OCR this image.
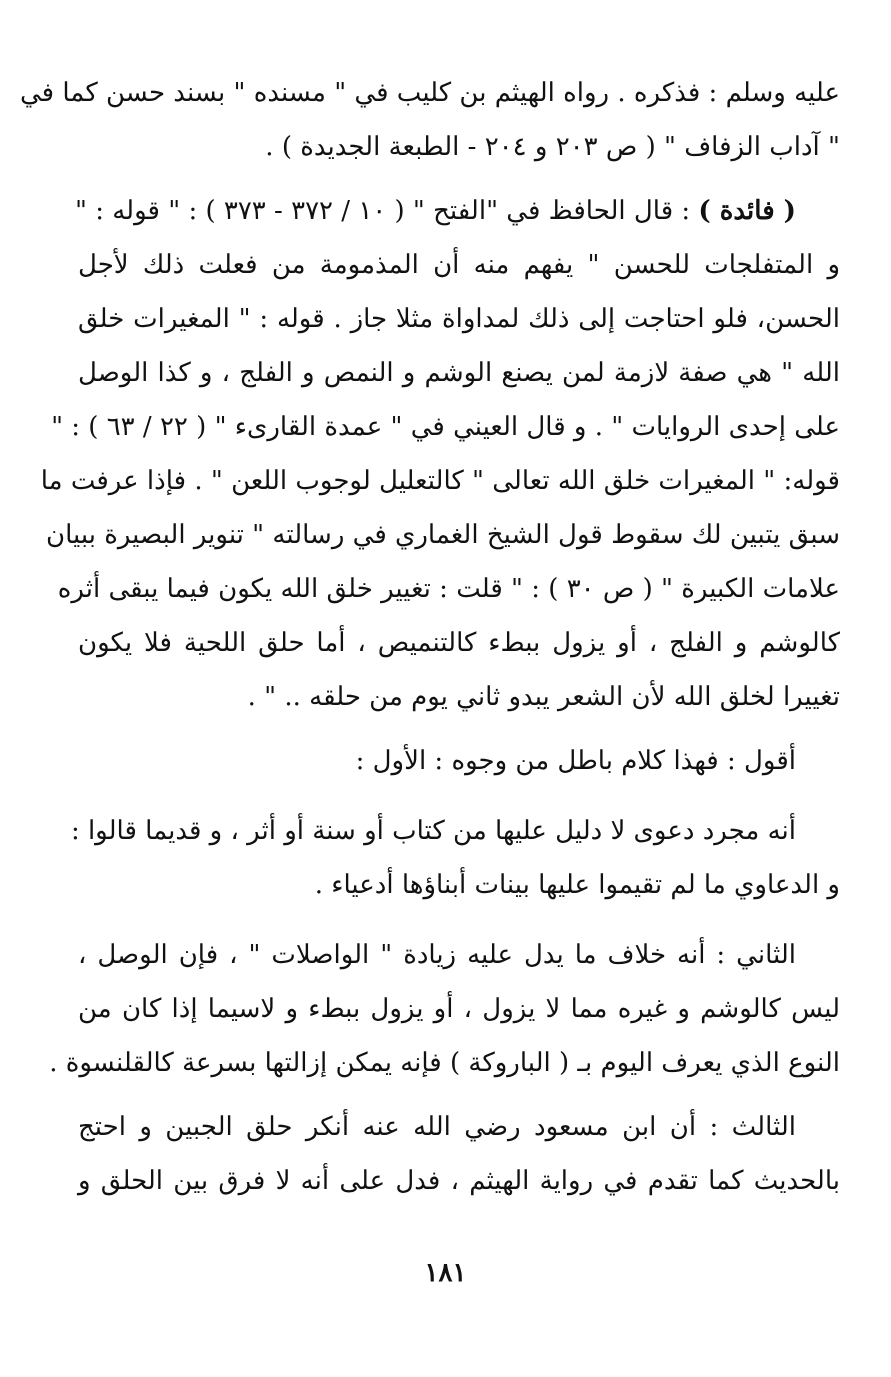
عليه وسلم : فذكره . رواه الهيثم بن كليب في " مسنده " بسند حسن كما في
" آداب الزفاف " ( ص ٢٠٣ و ٢٠٤ - الطبعة الجديدة ) .

( فائدة ) : قال الحافظ في "الفتح " ( ١٠ / ٣٧٢ - ٣٧٣ ) : " قوله : "
و المتفلجات للحسن " يفهم منه أن المذمومة من فعلت ذلك لأجل
الحسن، فلو احتاجت إلى ذلك لمداواة مثلا جاز . قوله : " المغيرات خلق
الله " هي صفة لازمة لمن يصنع الوشم و النمص و الفلج ، و كذا الوصل
على إحدى الروايات " . و قال العيني في " عمدة القارىء " ( ٢٢ / ٦٣ ) : "
قوله: " المغيرات خلق الله تعالى " كالتعليل لوجوب اللعن " . فإذا عرفت ما
سبق يتبين لك سقوط قول الشيخ الغماري في رسالته " تنوير البصيرة ببيان
علامات الكبيرة " ( ص ٣٠ ) : " قلت : تغيير خلق الله يكون فيما يبقى أثره
كالوشم و الفلج ، أو يزول ببطء كالتنميص ، أما حلق اللحية فلا يكون
تغييرا لخلق الله لأن الشعر يبدو ثاني يوم من حلقه .. " .

أقول : فهذا كلام باطل من وجوه : الأول :

أنه مجرد دعوى لا دليل عليها من كتاب أو سنة أو أثر ، و قديما قالوا :
و الدعاوي ما لم تقيموا عليها بينات أبناؤها أدعياء .

الثاني : أنه خلاف ما يدل عليه زيادة " الواصلات " ، فإن الوصل ،
ليس كالوشم و غيره مما لا يزول ، أو يزول ببطء و لاسيما إذا كان من
النوع الذي يعرف اليوم بـ ( الباروكة ) فإنه يمكن إزالتها بسرعة كالقلنسوة .

الثالث : أن ابن مسعود رضي الله عنه أنكر حلق الجبين و احتج
بالحديث كما تقدم في رواية الهيثم ، فدل على أنه لا فرق بين الحلق و

١٨١
